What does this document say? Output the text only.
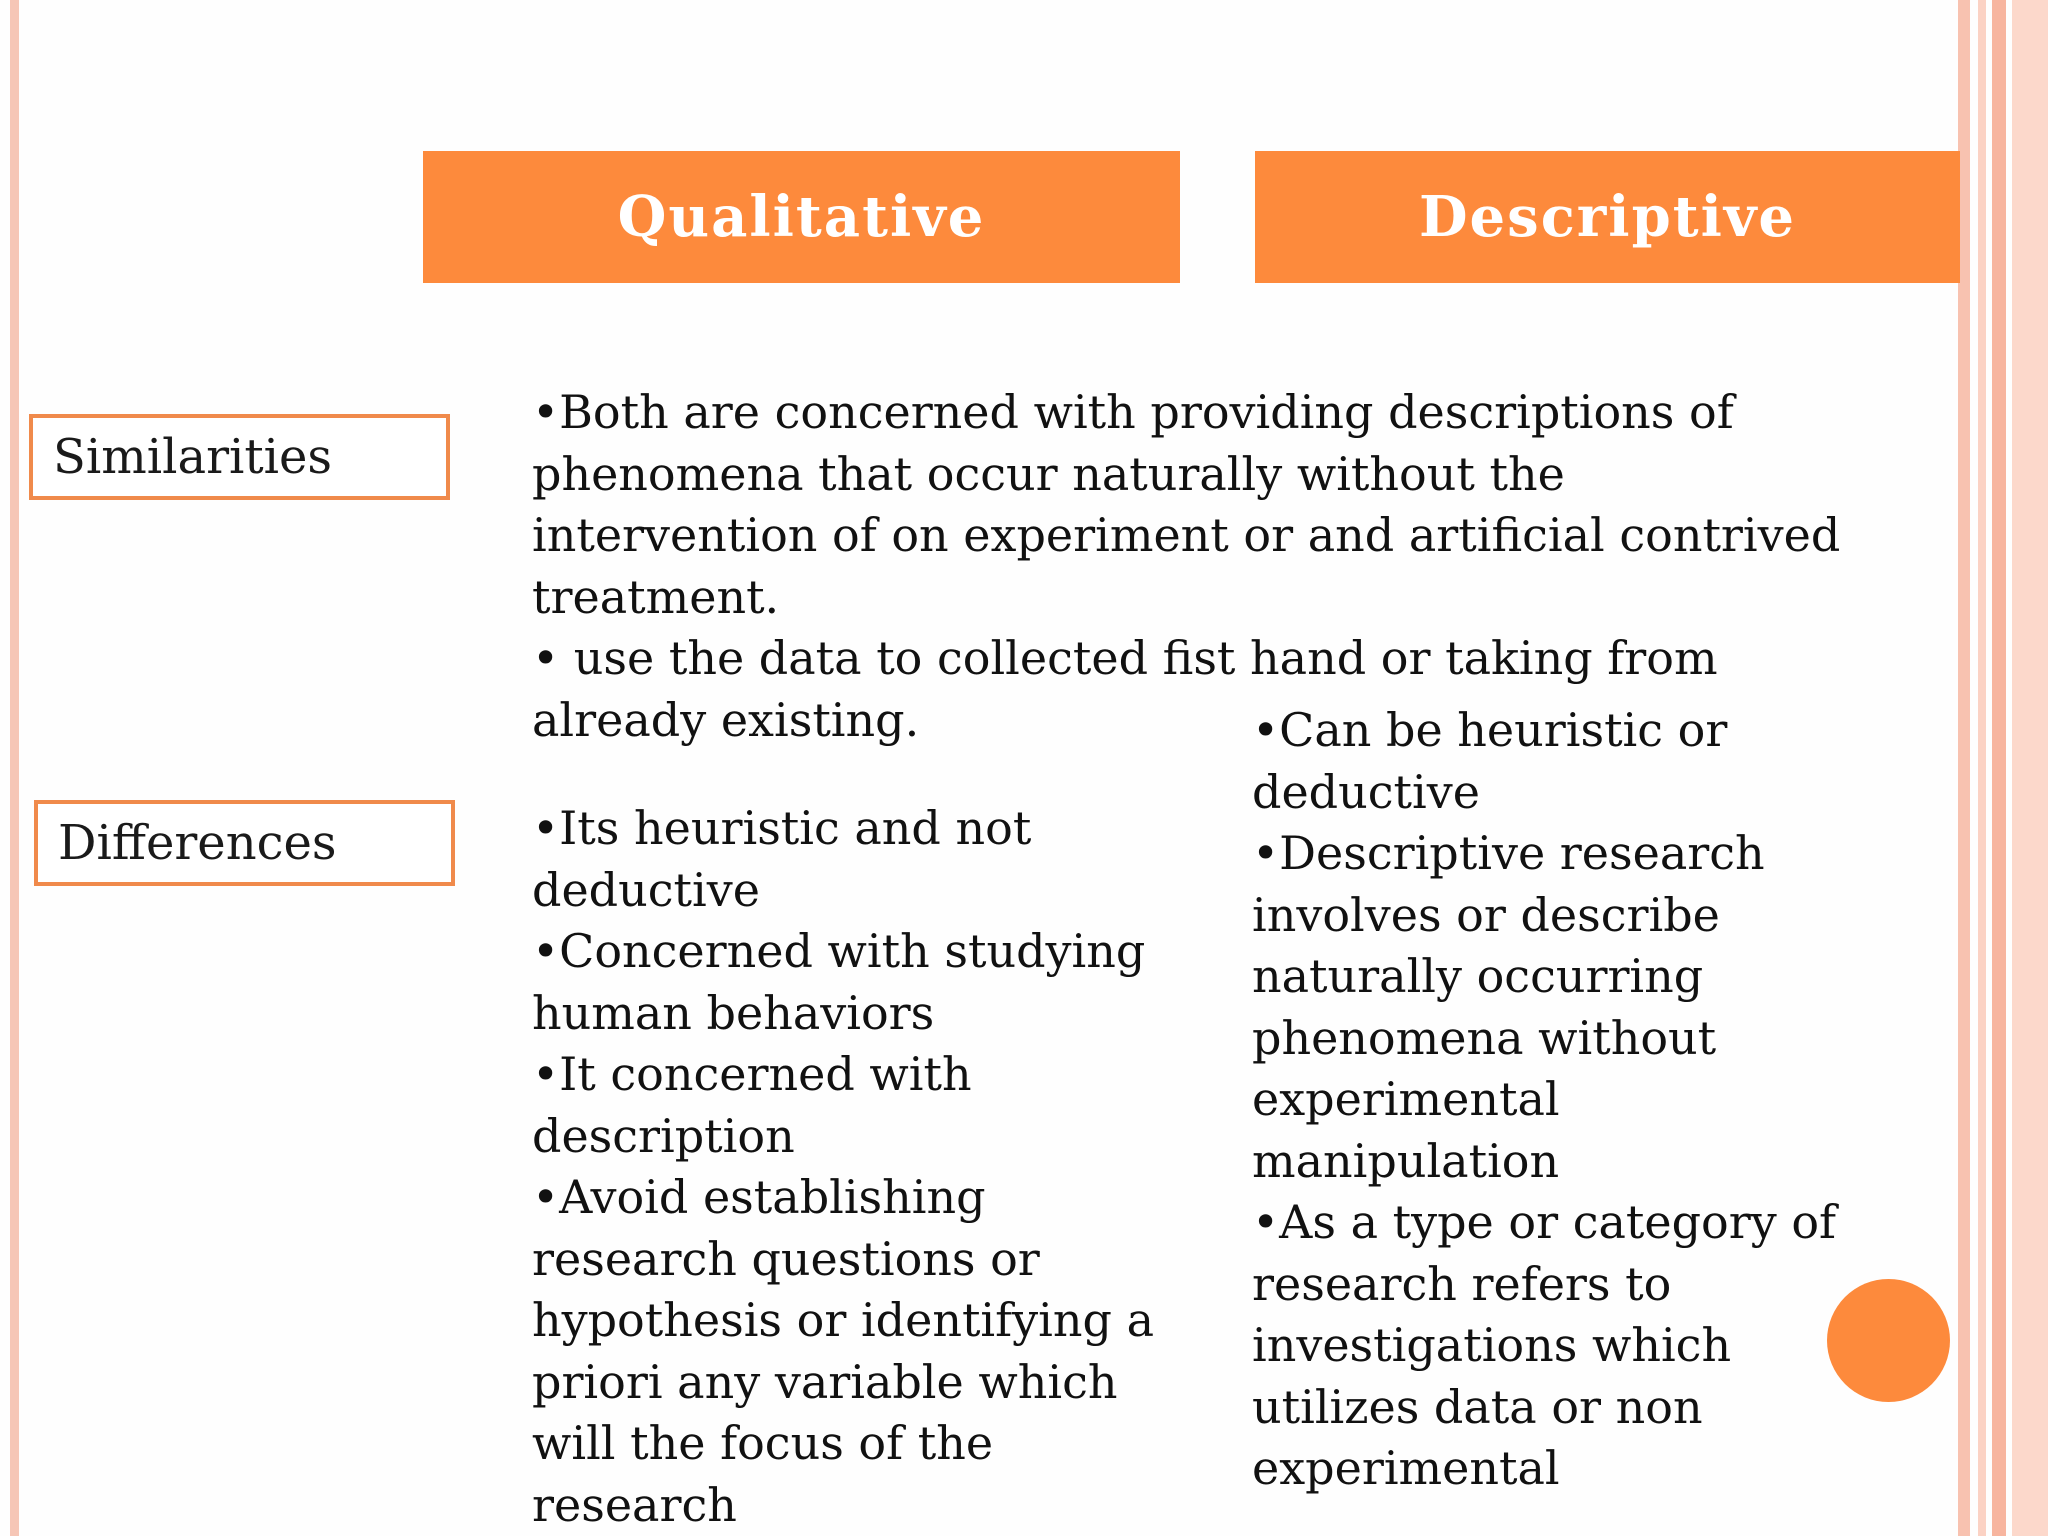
Qualitative	Descriptive
Similarities
Differences
•Both are concerned with providing descriptions of
phenomena that occur naturally without the
intervention of on experiment or and artificial contrived
treatment.
• use the data to collected fist hand or taking from
already existing.
•Its heuristic and not
deductive
•Concerned with studying
human behaviors
•It concerned with
description
•Avoid establishing
research questions or
hypothesis or identifying a
priori any variable which
will the focus of the
research
•Can be heuristic or
deductive
•Descriptive research
involves or describe
naturally occurring
phenomena without
experimental
manipulation
•As a type or category of
research refers to
investigations which
utilizes data or non
experimental
